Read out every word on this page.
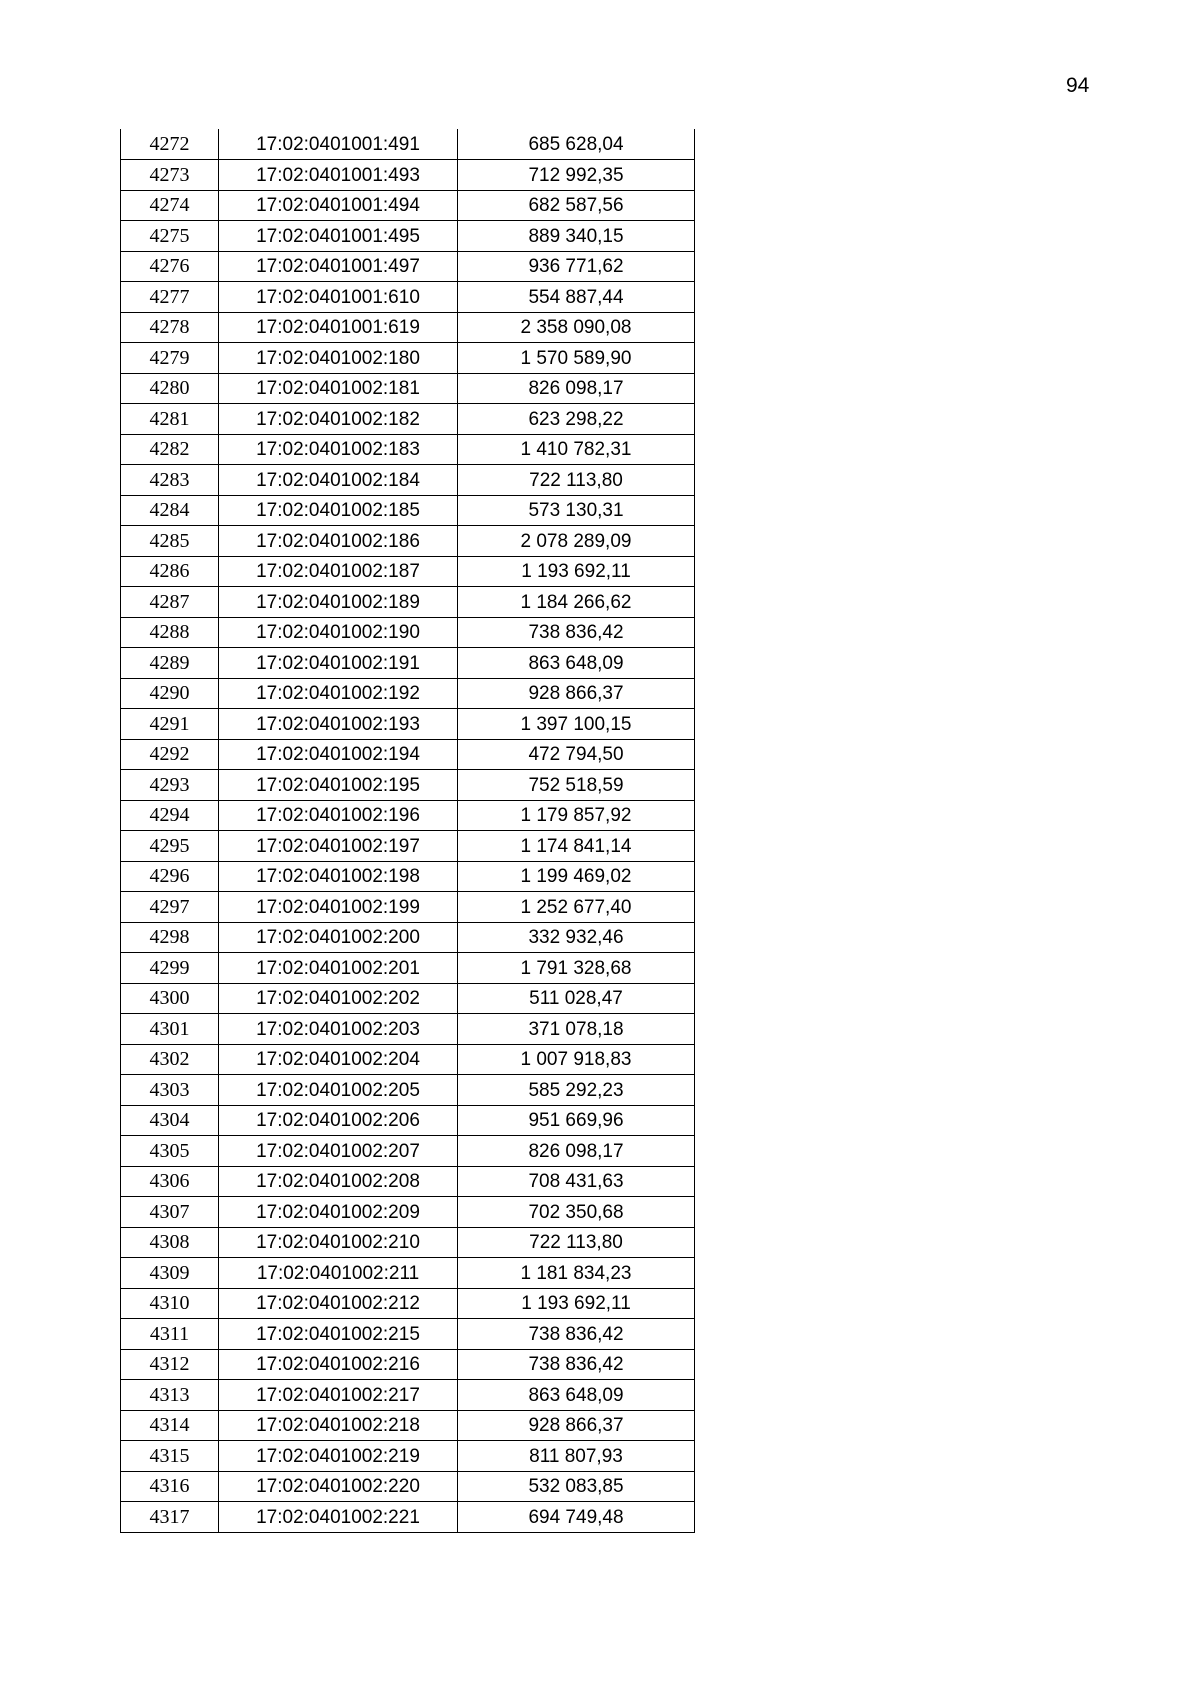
94
4272	17:02:0401001:491	685 628,04
4273	17:02:0401001:493	712 992,35
4274	17:02:0401001:494	682 587,56
4275	17:02:0401001:495	889 340,15
4276	17:02:0401001:497	936 771,62
4277	17:02:0401001:610	554 887,44
4278	17:02:0401001:619	2 358 090,08
4279	17:02:0401002:180	1 570 589,90
4280	17:02:0401002:181	826 098,17
4281	17:02:0401002:182	623 298,22
4282	17:02:0401002:183	1 410 782,31
4283	17:02:0401002:184	722 113,80
4284	17:02:0401002:185	573 130,31
4285	17:02:0401002:186	2 078 289,09
4286	17:02:0401002:187	1 193 692,11
4287	17:02:0401002:189	1 184 266,62
4288	17:02:0401002:190	738 836,42
4289	17:02:0401002:191	863 648,09
4290	17:02:0401002:192	928 866,37
4291	17:02:0401002:193	1 397 100,15
4292	17:02:0401002:194	472 794,50
4293	17:02:0401002:195	752 518,59
4294	17:02:0401002:196	1 179 857,92
4295	17:02:0401002:197	1 174 841,14
4296	17:02:0401002:198	1 199 469,02
4297	17:02:0401002:199	1 252 677,40
4298	17:02:0401002:200	332 932,46
4299	17:02:0401002:201	1 791 328,68
4300	17:02:0401002:202	511 028,47
4301	17:02:0401002:203	371 078,18
4302	17:02:0401002:204	1 007 918,83
4303	17:02:0401002:205	585 292,23
4304	17:02:0401002:206	951 669,96
4305	17:02:0401002:207	826 098,17
4306	17:02:0401002:208	708 431,63
4307	17:02:0401002:209	702 350,68
4308	17:02:0401002:210	722 113,80
4309	17:02:0401002:211	1 181 834,23
4310	17:02:0401002:212	1 193 692,11
4311	17:02:0401002:215	738 836,42
4312	17:02:0401002:216	738 836,42
4313	17:02:0401002:217	863 648,09
4314	17:02:0401002:218	928 866,37
4315	17:02:0401002:219	811 807,93
4316	17:02:0401002:220	532 083,85
4317	17:02:0401002:221	694 749,48
